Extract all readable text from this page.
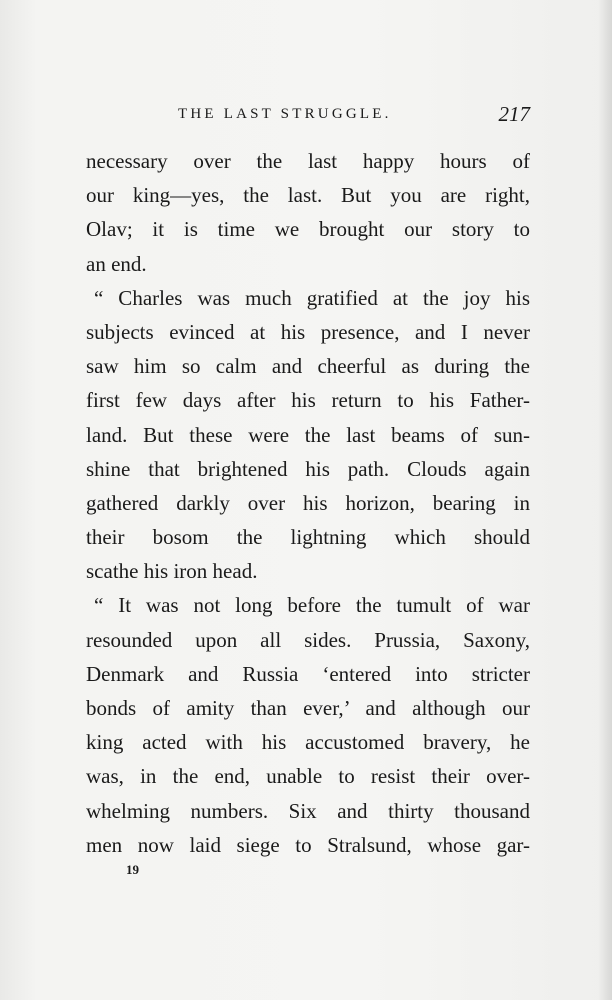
THE LAST STRUGGLE.	217
necessary over the last happy hours of
our king—yes, the last. But you are right,
Olav; it is time we brought our story to
an end.
“ Charles was much gratified at the joy his
subjects evinced at his presence, and I never
saw him so calm and cheerful as during the
first few days after his return to his Father-
land. But these were the last beams of sun-
shine that brightened his path. Clouds again
gathered darkly over his horizon, bearing in
their bosom the lightning which should
scathe his iron head.
“ It was not long before the tumult of war
resounded upon all sides. Prussia, Saxony,
Denmark and Russia ‘entered into stricter
bonds of amity than ever,’ and although our
king acted with his accustomed bravery, he
was, in the end, unable to resist their over-
whelming numbers. Six and thirty thousand
men now laid siege to Stralsund, whose gar-
19
